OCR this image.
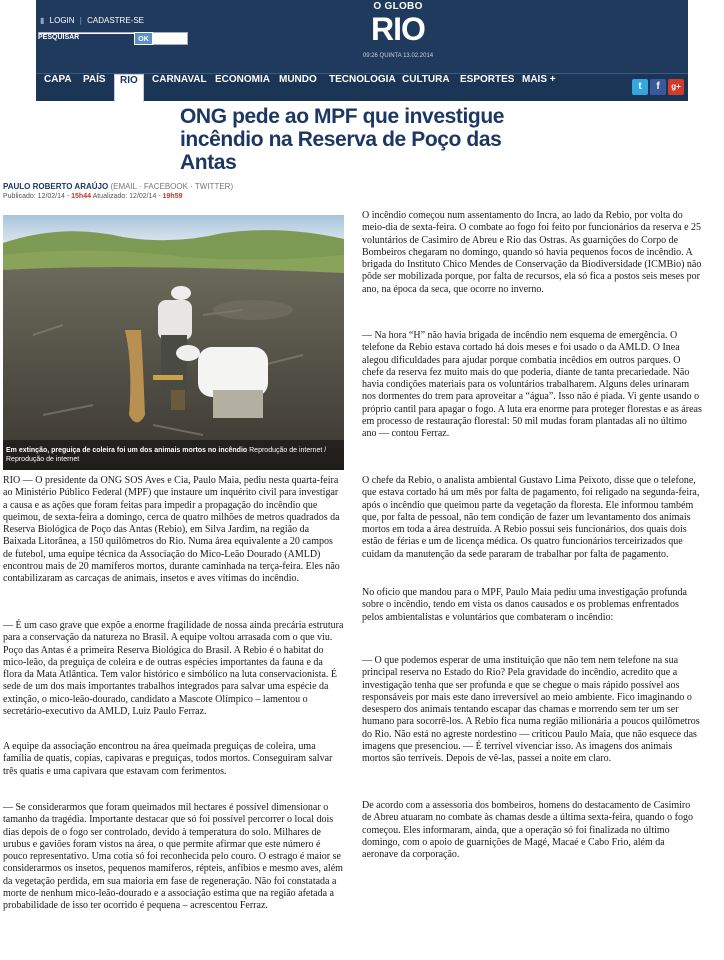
▮ LOGIN | CADASTRE-SE
PESQUISAR	OK
O GLOBO
RIO
09:26 QUINTA 13.02.2014
CAPA	PAÍS	RIO	CARNAVAL ECONOMIA MUNDO	TECNOLOGIA CULTURA	ESPORTES MAIS +
t	f	g+
ONG pede ao MPF que investigue incêndio na Reserva de Poço das Antas
PAULO ROBERTO ARAÚJO (EMAIL · FACEBOOK · TWITTER)
Publicado: 12/02/14 - 15h44 Atualizado: 12/02/14 - 19h59
Em extinção, preguiça de coleira foi um dos animais mortos no incêndio Reprodução de internet / Reprodução de internet

RIO — O presidente da ONG SOS Aves e Cia, Paulo Maia, pediu nesta quarta-feira ao Ministério Público Federal (MPF) que instaure um inquérito civil para investigar a causa e as ações que foram feitas para impedir a propagação do incêndio que queimou, de sexta-feira a domingo, cerca de quatro milhões de metros quadrados da Reserva Biológica de Poço das Antas (Rebio), em Silva Jardim, na região da Baixada Litorânea, a 150 quilômetros do Rio. Numa área equivalente a 20 campos de futebol, uma equipe técnica da Associação do Mico-Leão Dourado (AMLD) encontrou mais de 20 mamíferos mortos, durante caminhada na terça-feira. Eles não contabilizaram as carcaças de animais, insetos e aves vítimas do incêndio.

— É um caso grave que expõe a enorme fragilidade de nossa ainda precária estrutura para a conservação da natureza no Brasil. A equipe voltou arrasada com o que viu. Poço das Antas é a primeira Reserva Biológica do Brasil. A Rebio é o habitat do mico-leão, da preguiça de coleira e de outras espécies importantes da fauna e da flora da Mata Atlântica. Tem valor histórico e simbólico na luta conservacionista. É sede de um dos mais importantes trabalhos integrados para salvar uma espécie da extinção, o mico-leão-dourado, candidato a Mascote Olímpico – lamentou o secretário-executivo da AMLD, Luiz Paulo Ferraz.

A equipe da associação encontrou na área queimada preguiças de coleira, uma família de quatis, copias, capivaras e preguiças, todos mortos. Conseguiram salvar três quatis e uma capivara que estavam com ferimentos.

— Se considerarmos que foram queimados mil hectares é possível dimensionar o tamanho da tragédia. Importante destacar que só foi possível percorrer o local dois dias depois de o fogo ser controlado, devido à temperatura do solo. Milhares de urubus e gaviões foram vistos na área, o que permite afirmar que este número é pouco representativo. Uma cotia só foi reconhecida pelo couro. O estrago é maior se considerarmos os insetos, pequenos mamíferos, répteis, anfíbios e mesmo aves, além da vegetação perdida, em sua maioria em fase de regeneração. Não foi constatada a morte de nenhum mico-leão-dourado e a associação estima que na região afetada a probabilidade de isso ter ocorrido é pequena – acrescentou Ferraz.

O incêndio começou num assentamento do Incra, ao lado da Rebio, por volta do meio-dia de sexta-feira. O combate ao fogo foi feito por funcionários da reserva e 25 voluntários de Casimiro de Abreu e Rio das Ostras. As guarnições do Corpo de Bombeiros chegaram no domingo, quando só havia pequenos focos de incêndio. A brigada do Instituto Chico Mendes de Conservação da Biodiversidade (ICMBio) não pôde ser mobilizada porque, por falta de recursos, ela só fica a postos seis meses por ano, na época da seca, que ocorre no inverno.

— Na hora “H” não havia brigada de incêndio nem esquema de emergência. O telefone da Rebio estava cortado há dois meses e foi usado o da AMLD. O Inea alegou dificuldades para ajudar porque combatia incêdios em outros parques. O chefe da reserva fez muito mais do que poderia, diante de tanta precariedade. Não havia condições materiais para os voluntários trabalharem. Alguns deles urinaram nos dormentes do trem para aproveitar a “água”. Isso não é piada. Vi gente usando o próprio cantil para apagar o fogo. A luta era enorme para proteger florestas e as áreas em processo de restauração florestal: 50 mil mudas foram plantadas ali no último ano — contou Ferraz.

O chefe da Rebio, o analista ambiental Gustavo Lima Peixoto, disse que o telefone, que estava cortado há um mês por falta de pagamento, foi religado na segunda-feira, após o incêndio que queimou parte da vegetação da floresta. Ele informou também que, por falta de pessoal, não tem condição de fazer um levantamento dos animais mortos em toda a área destruída. A Rebio possui seis funcionários, dos quais dois estão de férias e um de licença médica. Os quatro funcionários terceirizados que cuidam da manutenção da sede pararam de trabalhar por falta de pagamento.

No ofício que mandou para o MPF, Paulo Maia pediu uma investigação profunda sobre o incêndio, tendo em vista os danos causados e os problemas enfrentados pelos ambientalistas e voluntários que combateram o incêndio:

— O que podemos esperar de uma instituição que não tem nem telefone na sua principal reserva no Estado do Rio? Pela gravidade do incêndio, acredito que a investigação tenha que ser profunda e que se chegue o mais rápido possível aos responsáveis por mais este dano irreversível ao meio ambiente. Fico imaginando o desespero dos animais tentando escapar das chamas e morrendo sem ter um ser humano para socorrê-los. A Rebio fica numa região milionária a poucos quilômetros do Rio. Não está no agreste nordestino — criticou Paulo Maia, que não esquece das imagens que presenciou. — É terrível vivenciar isso. As imagens dos animais mortos são terríveis. Depois de vê-las, passei a noite em claro.

De acordo com a assessoria dos bombeiros, homens do destacamento de Casimiro de Abreu atuaram no combate às chamas desde a última sexta-feira, quando o fogo começou. Eles informaram, ainda, que a operação só foi finalizada no último domingo, com o apoio de guarnições de Magé, Macaé e Cabo Frio, além da aeronave da corporação.
